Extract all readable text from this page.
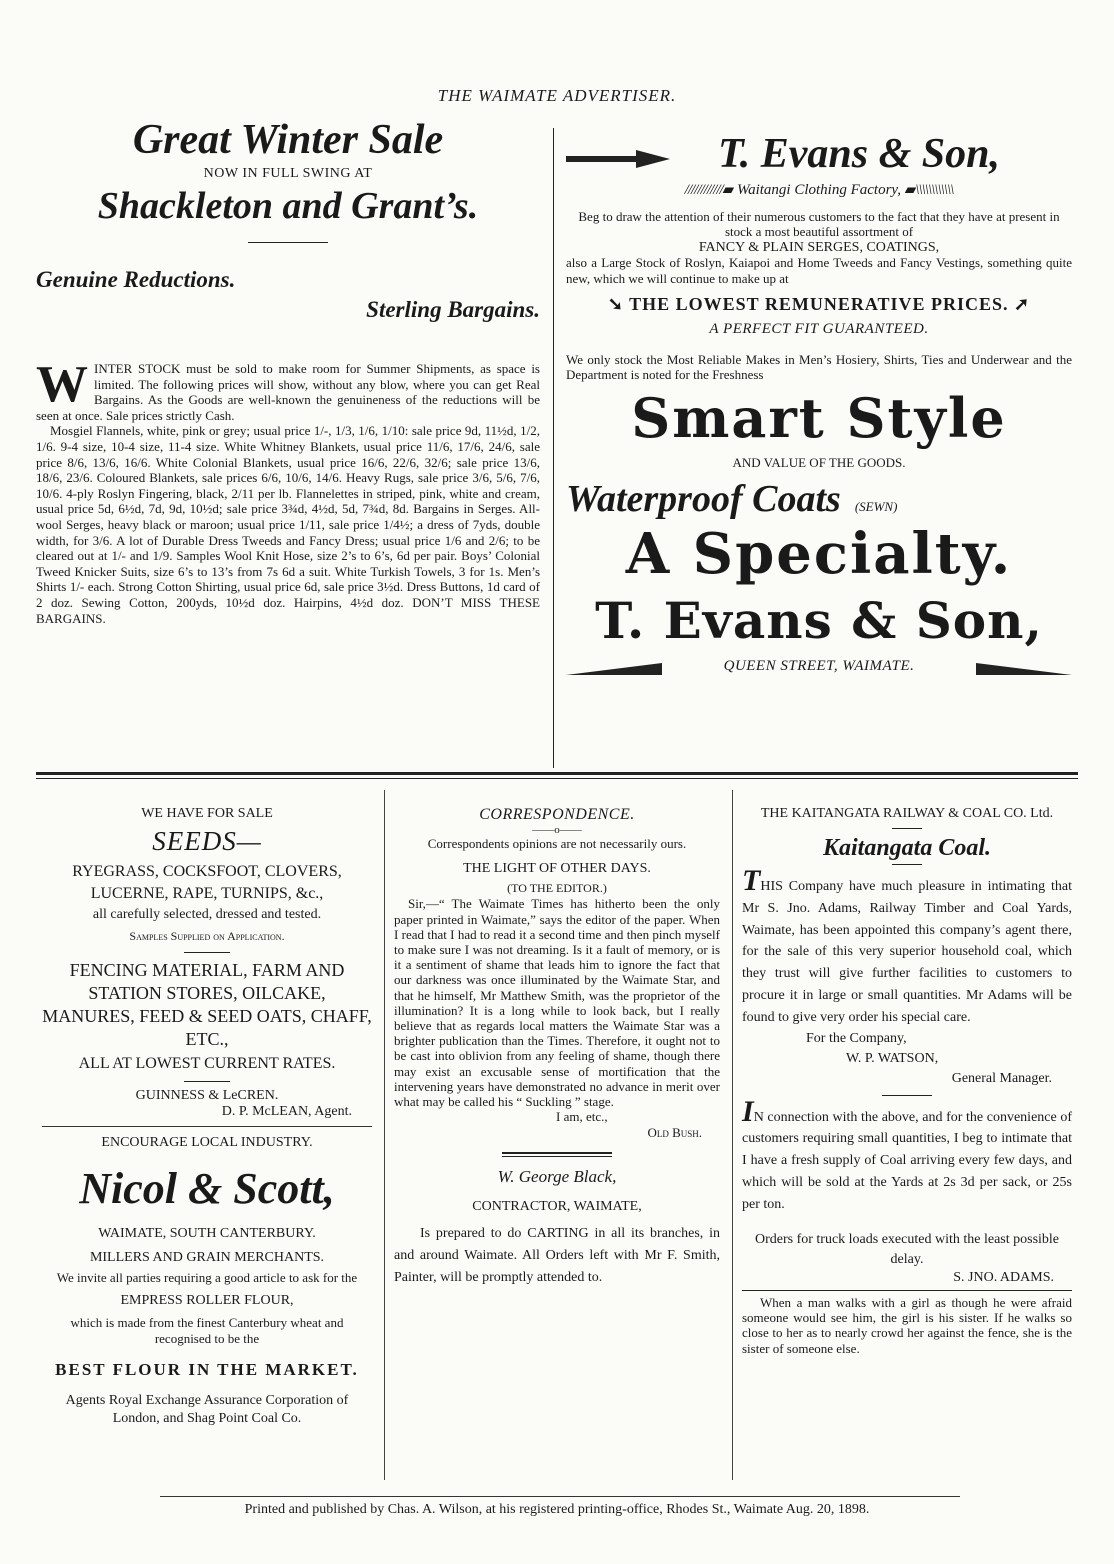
THE WAIMATE ADVERTISER.
Great Winter Sale
NOW IN FULL SWING AT
Shackleton and Grant’s.
Genuine Reductions.
Sterling Bargains.
W INTER STOCK must be sold to make room for Summer Shipments, as space is limited. The following prices will show, without any blow, where you can get Real Bargains. As the Goods are well-known the genuineness of the reductions will be seen at once. Sale prices strictly Cash.

Mosgiel Flannels, white, pink or grey; usual price 1/-, 1/3, 1/6, 1/10: sale price 9d, 11½d, 1/2, 1/6. 9-4 size, 10-4 size, 11-4 size. White Whitney Blankets, usual price 11/6, 17/6, 24/6, sale price 8/6, 13/6, 16/6. White Colonial Blankets, usual price 16/6, 22/6, 32/6; sale price 13/6, 18/6, 23/6. Coloured Blankets, sale prices 6/6, 10/6, 14/6. Heavy Rugs, sale price 3/6, 5/6, 7/6, 10/6. 4-ply Roslyn Fingering, black, 2/11 per lb. Flannelettes in striped, pink, white and cream, usual price 5d, 6½d, 7d, 9d, 10½d; sale price 3¾d, 4½d, 5d, 7¾d, 8d. Bargains in Serges. All-wool Serges, heavy black or maroon; usual price 1/11, sale price 1/4½; a dress of 7yds, double width, for 3/6. A lot of Durable Dress Tweeds and Fancy Dress; usual price 1/6 and 2/6; to be cleared out at 1/- and 1/9. Samples Wool Knit Hose, size 2’s to 6’s, 6d per pair. Boys’ Colonial Tweed Knicker Suits, size 6’s to 13’s from 7s 6d a suit. White Turkish Towels, 3 for 1s. Men’s Shirts 1/- each. Strong Cotton Shirting, usual price 6d, sale price 3½d. Dress Buttons, 1d card of 2 doz. Sewing Cotton, 200yds, 10½d doz. Hairpins, 4½d doz. DON’T MISS THESE BARGAINS.

T. Evans & Son,
////////////▰ Waitangi Clothing Factory, ▰\\\\\\\\\\\\
Beg to draw the attention of their numerous customers to the fact that they have at present in stock a most beautiful assortment of
FANCY & PLAIN SERGES, COATINGS,
also a Large Stock of Roslyn, Kaiapoi and Home Tweeds and Fancy Vestings, something quite new, which we will continue to make up at
➘ THE LOWEST REMUNERATIVE PRICES. ➚
A PERFECT FIT GUARANTEED.
We only stock the Most Reliable Makes in Men’s Hosiery, Shirts, Ties and Underwear and the Department is noted for the Freshness
Smart Style
AND VALUE OF THE GOODS.
Waterproof Coats (SEWN)
A Specialty.
T. Evans & Son,
QUEEN STREET, WAIMATE.
WE HAVE FOR SALE
SEEDS—
RYEGRASS, COCKSFOOT, CLOVERS,
LUCERNE, RAPE, TURNIPS, &c.,
all carefully selected, dressed and tested.
Samples Supplied on Application.
FENCING MATERIAL, FARM AND STATION STORES, OILCAKE, MANURES, FEED & SEED OATS, CHAFF, ETC.,
ALL AT LOWEST CURRENT RATES.
GUINNESS & LeCREN.
D. P. McLEAN, Agent.
ENCOURAGE LOCAL INDUSTRY.
Nicol & Scott,
WAIMATE, SOUTH CANTERBURY.
MILLERS AND GRAIN MERCHANTS.
We invite all parties requiring a good article to ask for the
EMPRESS ROLLER FLOUR,
which is made from the finest Canterbury wheat and recognised to be the
BEST FLOUR IN THE MARKET.
Agents Royal Exchange Assurance Corporation of London, and Shag Point Coal Co.
CORRESPONDENCE.
——o——
Correspondents opinions are not necessarily ours.
THE LIGHT OF OTHER DAYS.
(TO THE EDITOR.)
Sir,—“ The Waimate Times has hitherto been the only paper printed in Waimate,” says the editor of the paper. When I read that I had to read it a second time and then pinch myself to make sure I was not dreaming. Is it a fault of memory, or is it a sentiment of shame that leads him to ignore the fact that our darkness was once illuminated by the Waimate Star, and that he himself, Mr Matthew Smith, was the proprietor of the illumination? It is a long while to look back, but I really believe that as regards local matters the Waimate Star was a brighter publication than the Times. Therefore, it ought not to be cast into oblivion from any feeling of shame, though there may exist an excusable sense of mortification that the intervening years have demonstrated no advance in merit over what may be called his “ Suckling ” stage.
I am, etc.,
Old Bush.
W. George Black,
CONTRACTOR, WAIMATE,
Is prepared to do CARTING in all its branches, in and around Waimate. All Orders left with Mr F. Smith, Painter, will be promptly attended to.
THE KAITANGATA RAILWAY & COAL CO. Ltd.
Kaitangata Coal.
THIS Company have much pleasure in intimating that Mr S. Jno. Adams, Railway Timber and Coal Yards, Waimate, has been appointed this company’s agent there, for the sale of this very superior household coal, which they trust will give further facilities to customers to procure it in large or small quantities. Mr Adams will be found to give very order his special care.
For the Company,
W. P. WATSON,
General Manager.
IN connection with the above, and for the convenience of customers requiring small quantities, I beg to intimate that I have a fresh supply of Coal arriving every few days, and which will be sold at the Yards at 2s 3d per sack, or 25s per ton.
Orders for truck loads executed with the least possible delay.
S. JNO. ADAMS.
When a man walks with a girl as though he were afraid someone would see him, the girl is his sister. If he walks so close to her as to nearly crowd her against the fence, she is the sister of someone else.
Printed and published by Chas. A. Wilson, at his registered printing-office, Rhodes St., Waimate Aug. 20, 1898.
